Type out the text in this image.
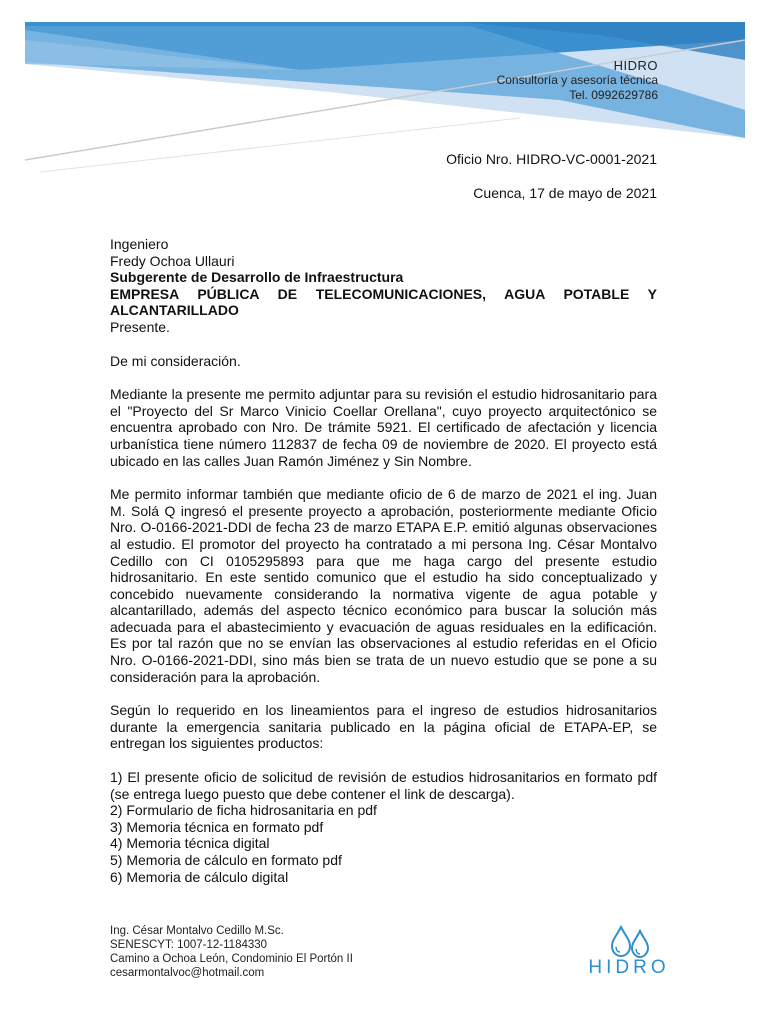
HIDRO
Consultoría y asesoría técnica
Tel. 0992629786
Oficio Nro. HIDRO-VC-0001-2021
Cuenca, 17 de mayo de 2021

Ingeniero

Fredy Ochoa Ullauri

Subgerente de Desarrollo de Infraestructura

EMPRESA PÚBLICA DE TELECOMUNICACIONES, AGUA POTABLE Y ALCANTARILLADO

Presente.

De mi consideración.

Mediante la presente me permito adjuntar para su revisión el estudio hidrosanitario para el "Proyecto del Sr Marco Vinicio Coellar Orellana", cuyo proyecto arquitectónico se encuentra aprobado con Nro. De trámite 5921. El certificado de afectación y licencia urbanística tiene número 112837 de fecha 09 de noviembre de 2020. El proyecto está ubicado en las calles Juan Ramón Jiménez y Sin Nombre.

Me permito informar también que mediante oficio de 6 de marzo de 2021 el ing. Juan M. Solá Q ingresó el presente proyecto a aprobación, posteriormente mediante Oficio Nro. O-0166-2021-DDI de fecha 23 de marzo ETAPA E.P. emitió algunas observaciones al estudio. El promotor del proyecto ha contratado a mi persona Ing. César Montalvo Cedillo con CI 0105295893 para que me haga cargo del presente estudio hidrosanitario. En este sentido comunico que el estudio ha sido conceptualizado y concebido nuevamente considerando la normativa vigente de agua potable y alcantarillado, además del aspecto técnico económico para buscar la solución más adecuada para el abastecimiento y evacuación de aguas residuales en la edificación. Es por tal razón que no se envían las observaciones al estudio referidas en el Oficio Nro. O-0166-2021-DDI, sino más bien se trata de un nuevo estudio que se pone a su consideración para la aprobación.

Según lo requerido en los lineamientos para el ingreso de estudios hidrosanitarios durante la emergencia sanitaria publicado en la página oficial de ETAPA-EP, se entregan los siguientes productos:

1) El presente oficio de solicitud de revisión de estudios hidrosanitarios en formato pdf (se entrega luego puesto que debe contener el link de descarga).

2) Formulario de ficha hidrosanitaria en pdf

3) Memoria técnica en formato pdf

4) Memoria técnica digital

5) Memoria de cálculo en formato pdf

6) Memoria de cálculo digital

Ing. César Montalvo Cedillo M.Sc.
SENESCYT: 1007-12-1184330
Camino a Ochoa León, Condominio El Portón II
cesarmontalvoc@hotmail.com	HIDRO
